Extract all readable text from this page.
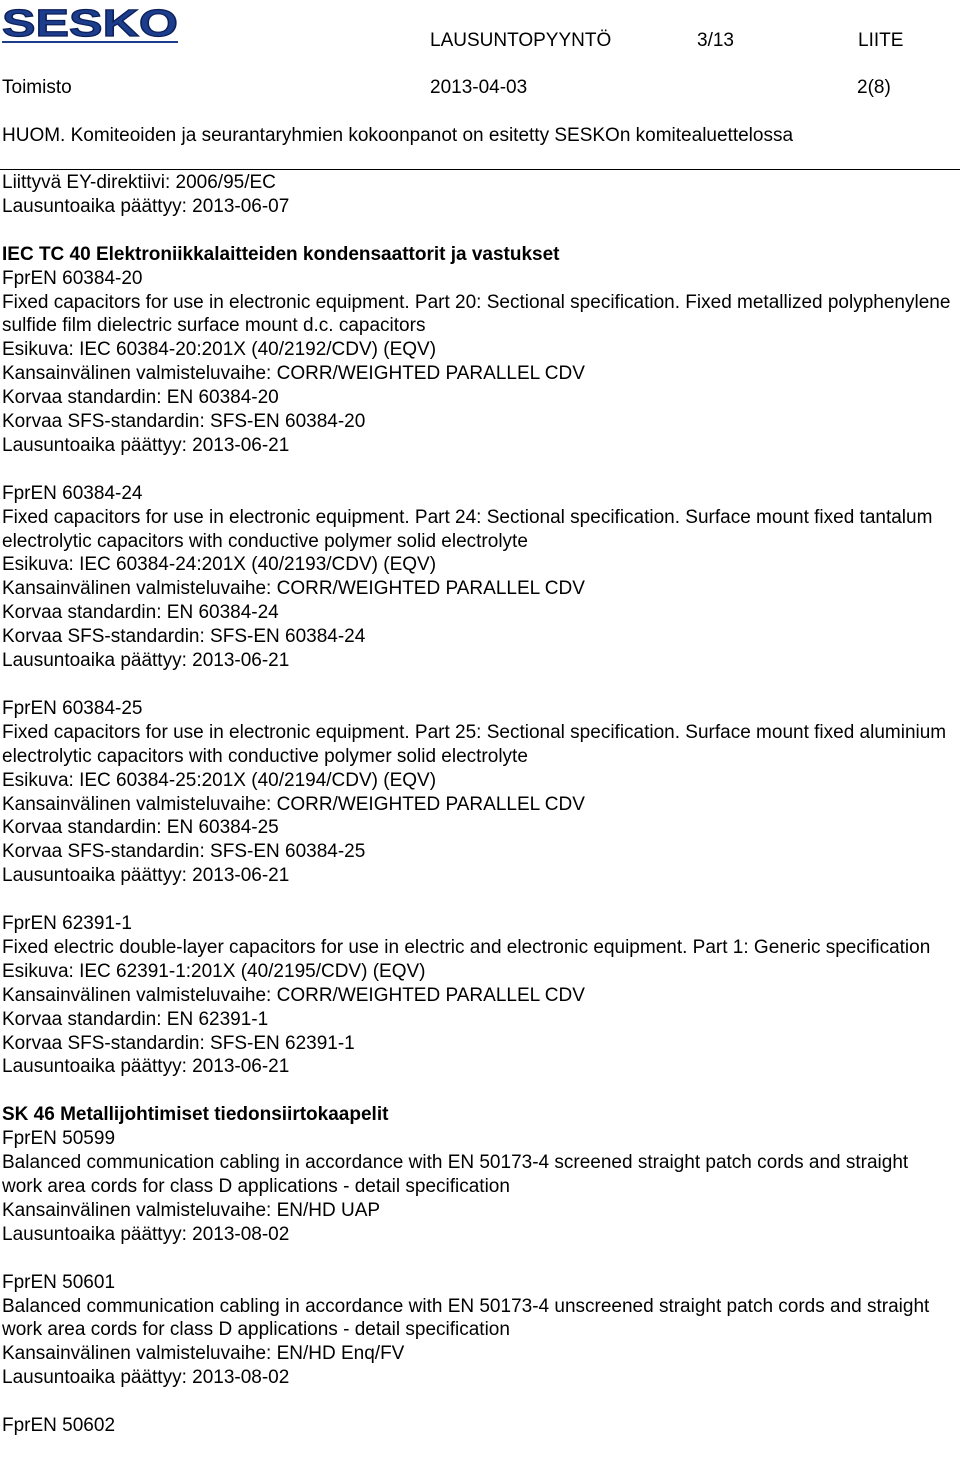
SESKO	LAUSUNTOPYYNTÖ	3/13	LIITE
Toimisto	2013-04-03	2(8)
HUOM. Komiteoiden ja seurantaryhmien kokoonpanot on esitetty SESKOn komitealuettelossa
Liittyvä EY-direktiivi: 2006/95/EC
Lausuntoaika päättyy: 2013-06-07
IEC TC 40 Elektroniikkalaitteiden kondensaattorit ja vastukset
FprEN 60384-20
Fixed capacitors for use in electronic equipment. Part 20: Sectional specification. Fixed metallized polyphenylene sulfide film dielectric surface mount d.c. capacitors
Esikuva: IEC 60384-20:201X (40/2192/CDV) (EQV)
Kansainvälinen valmisteluvaihe: CORR/WEIGHTED PARALLEL CDV
Korvaa standardin: EN 60384-20
Korvaa SFS-standardin: SFS-EN 60384-20
Lausuntoaika päättyy: 2013-06-21
FprEN 60384-24
Fixed capacitors for use in electronic equipment. Part 24: Sectional specification. Surface mount fixed tantalum electrolytic capacitors with conductive polymer solid electrolyte
Esikuva: IEC 60384-24:201X (40/2193/CDV) (EQV)
Kansainvälinen valmisteluvaihe: CORR/WEIGHTED PARALLEL CDV
Korvaa standardin: EN 60384-24
Korvaa SFS-standardin: SFS-EN 60384-24
Lausuntoaika päättyy: 2013-06-21
FprEN 60384-25
Fixed capacitors for use in electronic equipment. Part 25: Sectional specification. Surface mount fixed aluminium electrolytic capacitors with conductive polymer solid electrolyte
Esikuva: IEC 60384-25:201X (40/2194/CDV) (EQV)
Kansainvälinen valmisteluvaihe: CORR/WEIGHTED PARALLEL CDV
Korvaa standardin: EN 60384-25
Korvaa SFS-standardin: SFS-EN 60384-25
Lausuntoaika päättyy: 2013-06-21
FprEN 62391-1
Fixed electric double-layer capacitors for use in electric and electronic equipment. Part 1: Generic specification
Esikuva: IEC 62391-1:201X (40/2195/CDV) (EQV)
Kansainvälinen valmisteluvaihe: CORR/WEIGHTED PARALLEL CDV
Korvaa standardin: EN 62391-1
Korvaa SFS-standardin: SFS-EN 62391-1
Lausuntoaika päättyy: 2013-06-21
SK 46 Metallijohtimiset tiedonsiirtokaapelit
FprEN 50599
Balanced communication cabling in accordance with EN 50173-4 screened straight patch cords and straight work area cords for class D applications - detail specification
Kansainvälinen valmisteluvaihe: EN/HD UAP
Lausuntoaika päättyy: 2013-08-02
FprEN 50601
Balanced communication cabling in accordance with EN 50173-4 unscreened straight patch cords and straight work area cords for class D applications - detail specification
Kansainvälinen valmisteluvaihe: EN/HD Enq/FV
Lausuntoaika päättyy: 2013-08-02
FprEN 50602
